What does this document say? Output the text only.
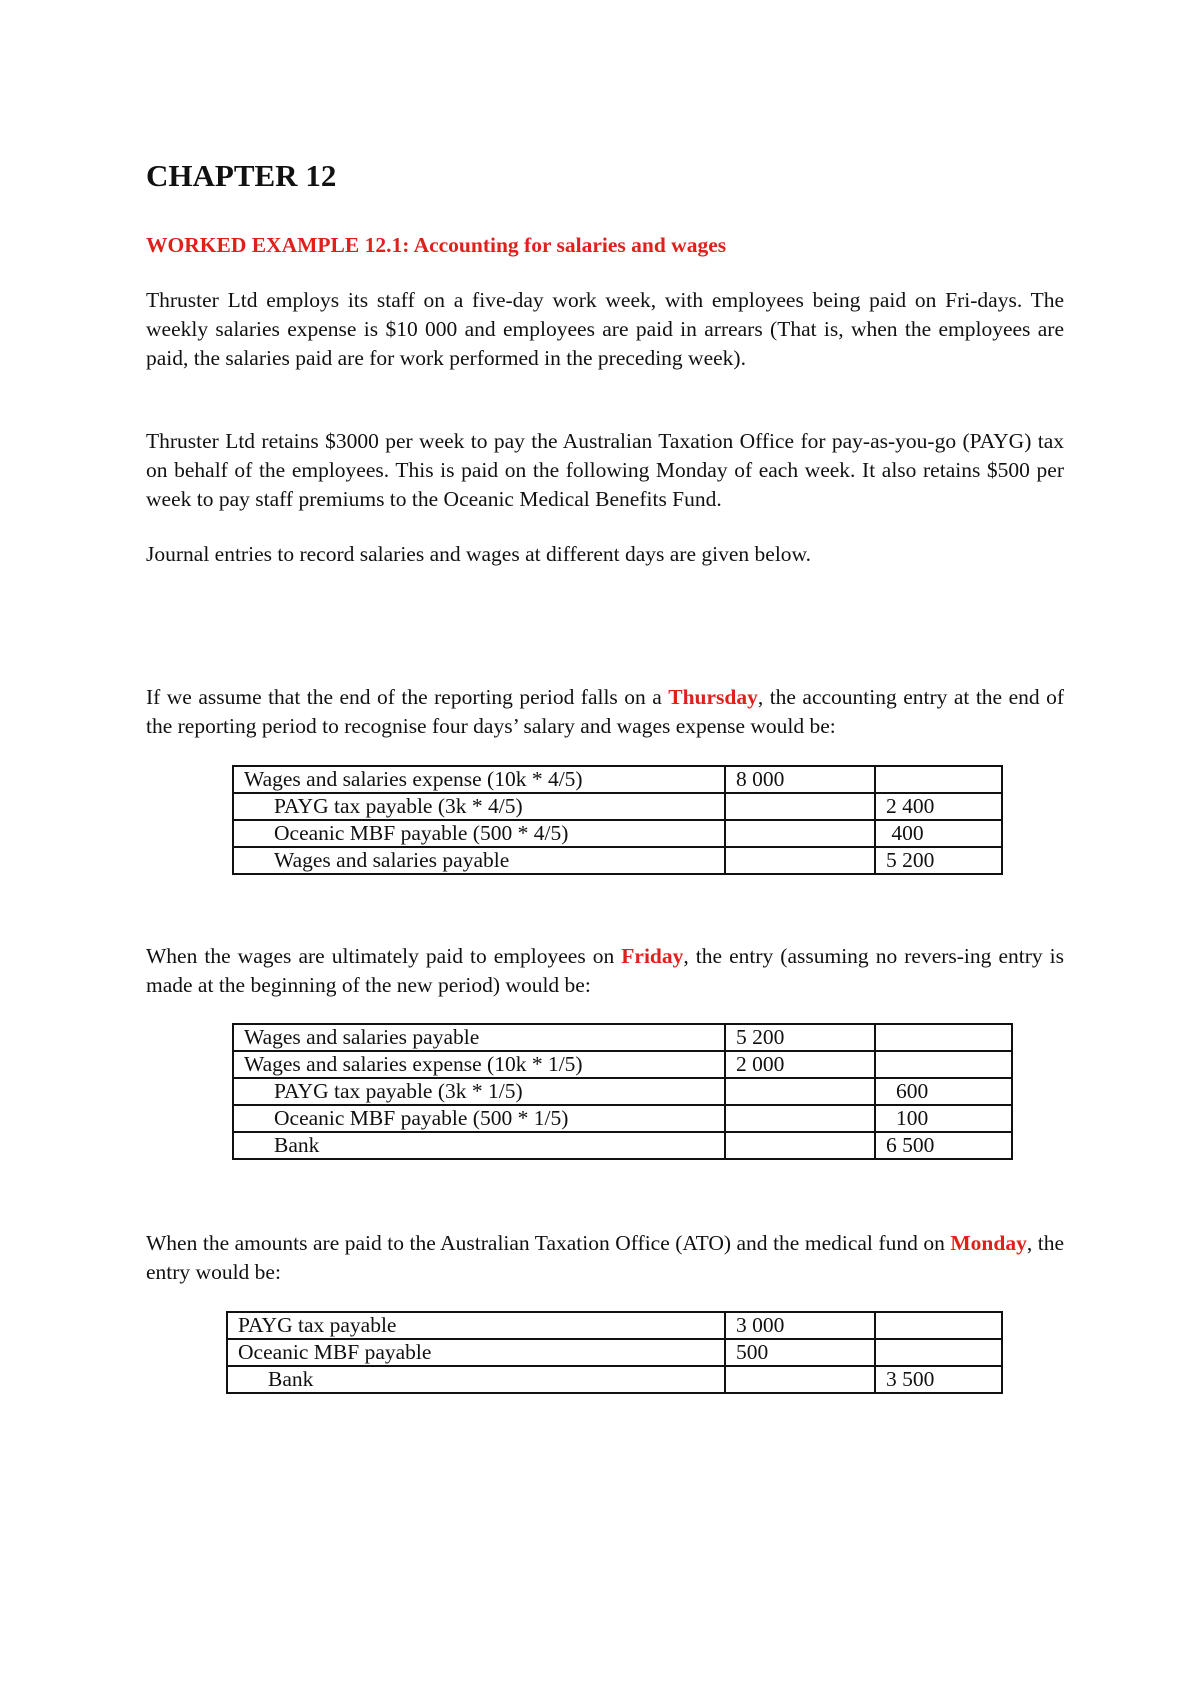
CHAPTER 12
WORKED EXAMPLE 12.1: Accounting for salaries and wages

Thruster Ltd employs its staff on a five-day work week, with employees being paid on Fri-days. The weekly salaries expense is $10 000 and employees are paid in arrears (That is, when the employees are paid, the salaries paid are for work performed in the preceding week).

Thruster Ltd retains $3000 per week to pay the Australian Taxation Office for pay-as-you-go (PAYG) tax on behalf of the employees. This is paid on the following Monday of each week. It also retains $500 per week to pay staff premiums to the Oceanic Medical Benefits Fund.

Journal entries to record salaries and wages at different days are given below.

If we assume that the end of the reporting period falls on a Thursday, the accounting entry at the end of the reporting period to recognise four days’ salary and wages expense would be:

Wages and salaries expense (10k * 4/5)	8 000	
PAYG tax payable (3k * 4/5)		2 400
Oceanic MBF payable (500 * 4/5)		400
Wages and salaries payable		5 200

When the wages are ultimately paid to employees on Friday, the entry (assuming no revers-ing entry is made at the beginning of the new period) would be:

Wages and salaries payable	5 200	
Wages and salaries expense (10k * 1/5)	2 000	
PAYG tax payable (3k * 1/5)		600
Oceanic MBF payable (500 * 1/5)		100
Bank		6 500

When the amounts are paid to the Australian Taxation Office (ATO) and the medical fund on Monday, the entry would be:

PAYG tax payable	3 000	
Oceanic MBF payable	500	
Bank		3 500
